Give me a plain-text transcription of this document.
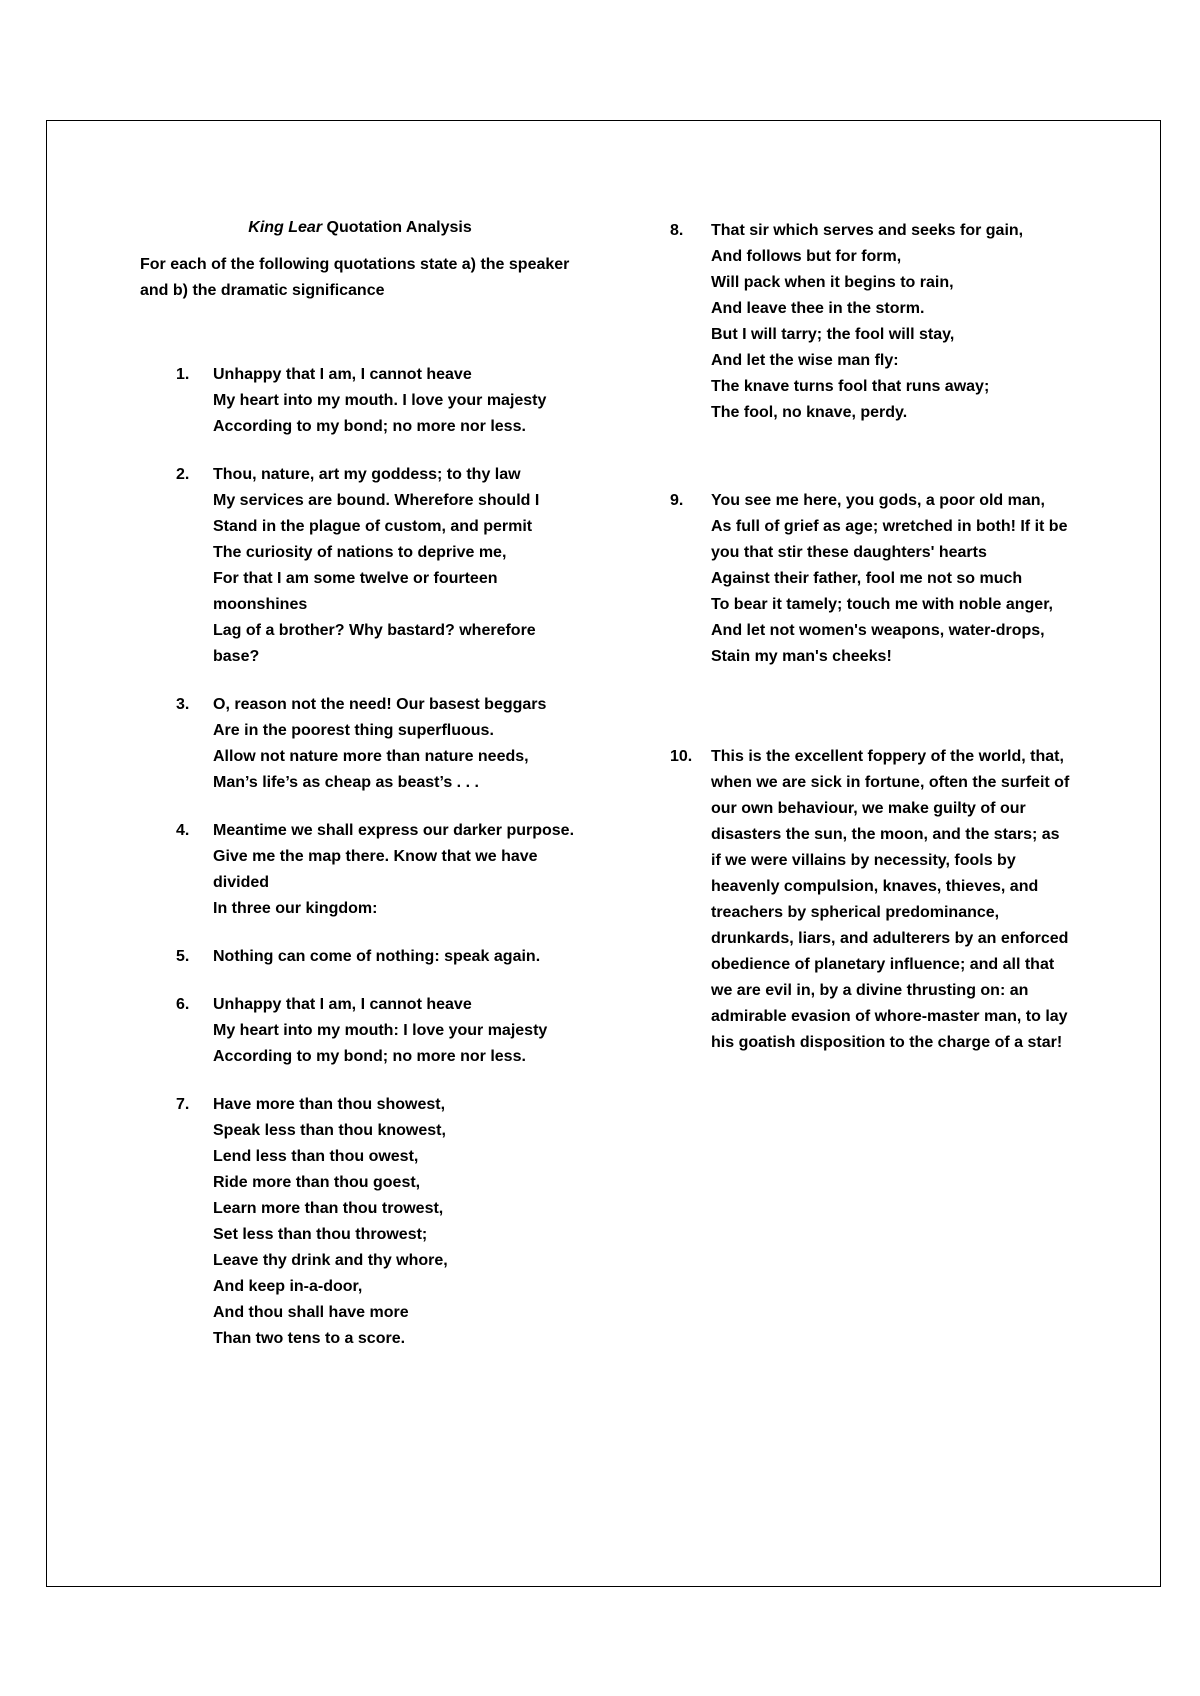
King Lear Quotation Analysis
For each of the following quotations state a) the speaker and b) the dramatic significance
1.	Unhappy that I am, I cannot heave
My heart into my mouth. I love your majesty
According to my bond; no more nor less.
2.	Thou, nature, art my goddess; to thy law
My services are bound. Wherefore should I
Stand in the plague of custom, and permit
The curiosity of nations to deprive me,
For that I am some twelve or fourteen moonshines
Lag of a brother? Why bastard? wherefore base?
3.	O, reason not the need! Our basest beggars
Are in the poorest thing superfluous.
Allow not nature more than nature needs,
Man’s life’s as cheap as beast’s . . .
4.	Meantime we shall express our darker purpose.
Give me the map there. Know that we have divided
In three our kingdom:
5.	Nothing can come of nothing: speak again.
6.	Unhappy that I am, I cannot heave
My heart into my mouth: I love your majesty
According to my bond; no more nor less.
7.	Have more than thou showest,
Speak less than thou knowest,
Lend less than thou owest,
Ride more than thou goest,
Learn more than thou trowest,
Set less than thou throwest;
Leave thy drink and thy whore,
And keep in-a-door,
And thou shall have more
Than two tens to a score.
8.	That sir which serves and seeks for gain,
And follows but for form,
Will pack when it begins to rain,
And leave thee in the storm.
But I will tarry; the fool will stay,
And let the wise man fly:
The knave turns fool that runs away;
The fool, no knave, perdy.
9.	You see me here, you gods, a poor old man,
As full of grief as age; wretched in both! If it be you that stir these daughters' hearts
Against their father, fool me not so much
To bear it tamely; touch me with noble anger,
And let not women's weapons, water-drops,
Stain my man's cheeks!
10.	This is the excellent foppery of the world, that, when we are sick in fortune, often the surfeit of our own behaviour, we make guilty of our disasters the sun, the moon, and the stars; as if we were villains by necessity, fools by heavenly compulsion, knaves, thieves, and treachers by spherical predominance, drunkards, liars, and adulterers by an enforced obedience of planetary influence; and all that we are evil in, by a divine thrusting on: an admirable evasion of whore-master man, to lay his goatish disposition to the charge of a star!
